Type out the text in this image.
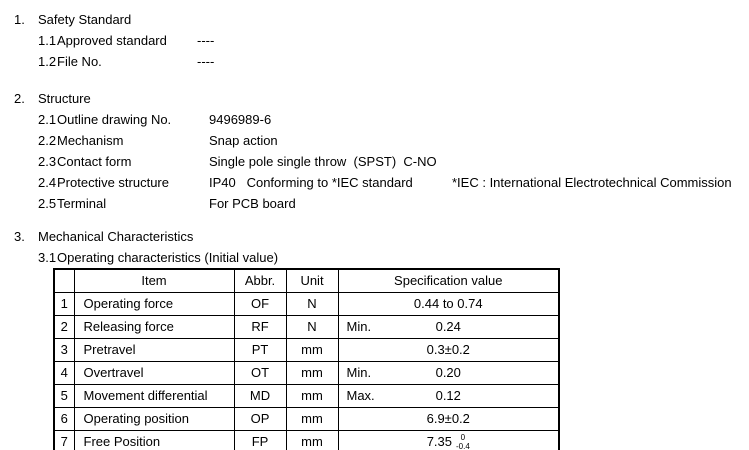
1.	Safety Standard
1.1 Approved standard	----
1.2 File No.	----
2.	Structure
2.1 Outline drawing No.	9496989-6
2.2 Mechanism	Snap action
2.3 Contact form	Single pole single throw  (SPST)  C-NO
2.4 Protective structure	IP40   Conforming to *IEC standard	*IEC : International Electrotechnical Commission
2.5 Terminal	For PCB board
3.	Mechanical Characteristics
3.1 Operating characteristics (Initial value)
	Item	Abbr.	Unit	Specification value
1	Operating force	OF	N	0.44 to 0.74
2	Releasing force	RF	N	Min. 0.24
3	Pretravel	PT	mm	0.3±0.2
4	Overtravel	OT	mm	Min. 0.20
5	Movement differential	MD	mm	Max. 0.12
6	Operating position	OP	mm	6.9±0.2
7	Free Position	FP	mm	7.35 0
-0.4
